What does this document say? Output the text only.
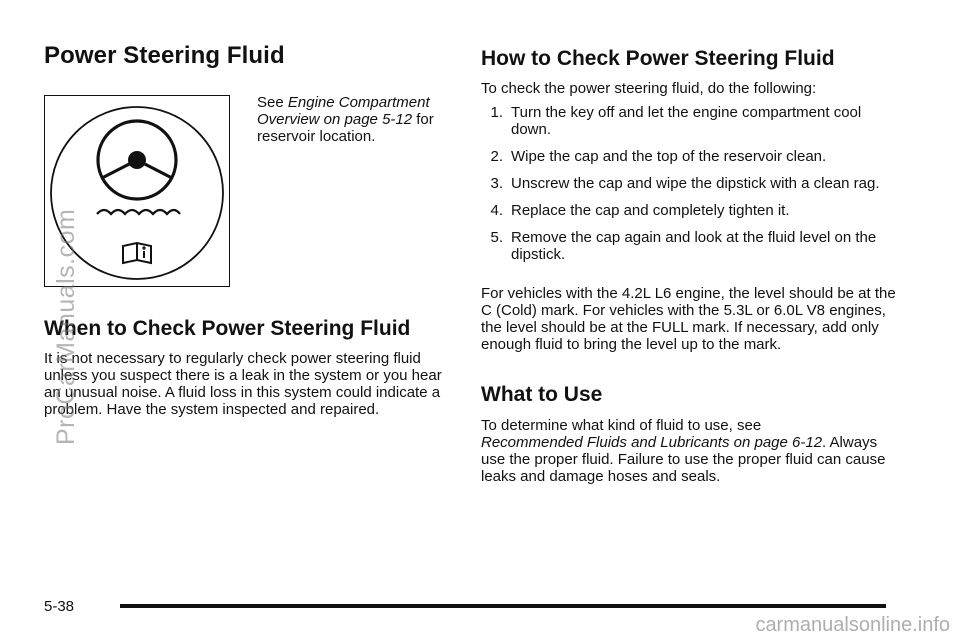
Power Steering Fluid

See Engine Compartment Overview on page 5-12 for reservoir location.

When to Check Power Steering Fluid

It is not necessary to regularly check power steering fluid unless you suspect there is a leak in the system or you hear an unusual noise. A fluid loss in this system could indicate a problem. Have the system inspected and repaired.

How to Check Power Steering Fluid

To check the power steering fluid, do the following:

1. Turn the key off and let the engine compartment cool down.
2. Wipe the cap and the top of the reservoir clean.
3. Unscrew the cap and wipe the dipstick with a clean rag.
4. Replace the cap and completely tighten it.
5. Remove the cap again and look at the fluid level on the dipstick.

For vehicles with the 4.2L L6 engine, the level should be at the C (Cold) mark. For vehicles with the 5.3L or 6.0L V8 engines, the level should be at the FULL mark. If necessary, add only enough fluid to bring the level up to the mark.

What to Use

To determine what kind of fluid to use, see
Recommended Fluids and Lubricants on page 6-12. Always use the proper fluid. Failure to use the proper fluid can cause leaks and damage hoses and seals.

5-38

ProCarManuals.com
carmanualsonline.info
